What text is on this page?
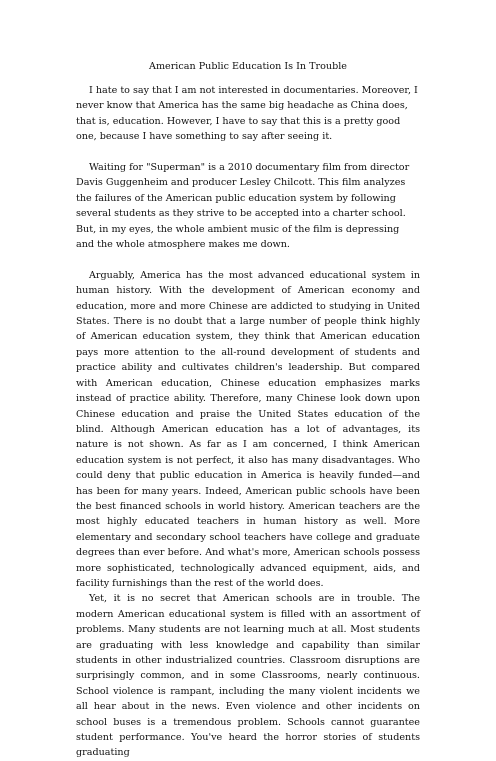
American Public Education Is In Trouble

I hate to say that I am not interested in documentaries. Moreover, I never know that America has the same big headache as China does, that is, education. However, I have to say that this is a pretty good one, because I have something to say after seeing it.

Waiting for "Superman" is a 2010 documentary film from director Davis Guggenheim and producer Lesley Chilcott. This film analyzes the failures of the American public education system by following several students as they strive to be accepted into a charter school. But, in my eyes, the whole ambient music of the film is depressing and the whole atmosphere makes me down.

Arguably, America has the most advanced educational system in human history. With the development of American economy and education, more and more Chinese are addicted to studying in United States. There is no doubt that a large number of people think highly of American education system, they think that American education pays more attention to the all-round development of students and practice ability and cultivates children's leadership. But compared with American education, Chinese education emphasizes marks instead of practice ability. Therefore, many Chinese look down upon Chinese education and praise the United States education of the blind. Although American education has a lot of advantages, its nature is not shown. As far as I am concerned, I think American education system is not perfect, it also has many disadvantages. Who could deny that public education in America is heavily funded—and has been for many years. Indeed, American public schools have been the best financed schools in world history. American teachers are the most highly educated teachers in human history as well. More elementary and secondary school teachers have college and graduate degrees than ever before. And what's more, American schools possess more sophisticated, technologically advanced equipment, aids, and facility furnishings than the rest of the world does.

Yet, it is no secret that American schools are in trouble. The modern American educational system is filled with an assortment of problems. Many students are not learning much at all. Most students are graduating with less knowledge and capability than similar students in other industrialized countries. Classroom disruptions are surprisingly common, and in some Classrooms, nearly continuous. School violence is rampant, including the many violent incidents we all hear about in the news. Even violence and other incidents on school buses is a tremendous problem. Schools cannot guarantee student performance. You've heard the horror stories of students graduating
